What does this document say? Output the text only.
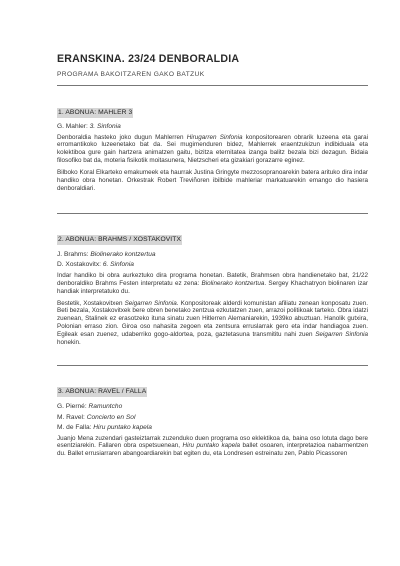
ERANSKINA. 23/24 DENBORALDIA
PROGRAMA BAKOITZAREN GAKO BATZUK
1. ABONUA: MAHLER 3

G. Mahler: 3. Sinfonia

Denboraldia hasteko joko dugun Mahlerren Hirugarren Sinfonia konpositorearen obrarik luzeena eta garai erromantikoko luzeenetako bat da. Sei mugimenduren bidez, Mahlerrek eraentzukizun indibiduala eta kolektiboa gure gain hartzera animatzen gaitu, bizitza eternitatea izanga balitz bezala bizi dezagun. Bidaia filosofiko bat da, moteria fisikotik moitasunera, Nietzscheri eta gizakiari gorazarre eginez.

Bilboko Koral Elkarteko emakumeek eta haurrak Justina Gringyte mezzosopranoarekin batera arituko dira indar handiko obra honetan. Orkestrak Robert Treviñoren ibilbide mahleriar markatuarekin emango dio hasiera denboraldiari.

2. ABONUA: BRAHMS / XOSTAKOVITX

J. Brahms: Biolinerako kontzertua

D. Xostakovitx: 6. Sinfonia

Indar handiko bi obra aurkeztuko dira programa honetan. Batetik, Brahmsen obra handienetako bat, 21/22 denboraldiko Brahms Festen interpretatu ez zena: Biolinerako kontzertua. Sergey Khachatryon biolinaren izar handiak interpretatuko du.

Bestetik, Xostakovitxen Seigarren Sinfonia. Konpositoreak alderdi komunistan afiliatu zenean konposatu zuen. Beti bezala, Xostakovitxek bere obren benetako zentzua ezkutatzen zuen, arrazoi politikoak tarteko. Obra idatzi zuenean, Stalinek ez erasotzeko ituna sinatu zuen Hitlerren Alemaniarekin, 1939ko abuztuan. Hanolik gutxira, Polonian erraso zion. Giroa oso nahasita zegoen eta zentsura erruslarrak gero eta indar handiagoa zuen. Egileak esan zuenez, udaberriko gogo-aldortea, poza, gaztetasuna transmititu nahi zuen Seigarren Sinfonia honekin.

3. ABONUA: RAVEL / FALLA

G. Pierné: Ramuntcho

M. Ravel: Concierto en Sol

M. de Falla: Hiru puntako kapela

Juanjo Mena zuzendari gasteiztarrak zuzenduko duen programa oso eklektikoa da, baina oso lotuta dago bere esentziarekin. Fallaren obra ospetsuenean, Hiru puntako kapela ballet osoaren, interpretazioa nabarmentzen du. Ballet errusiarraren abangoardiarekin bat egiten du, eta Londresen estreinatu zen, Pablo Picassoren
